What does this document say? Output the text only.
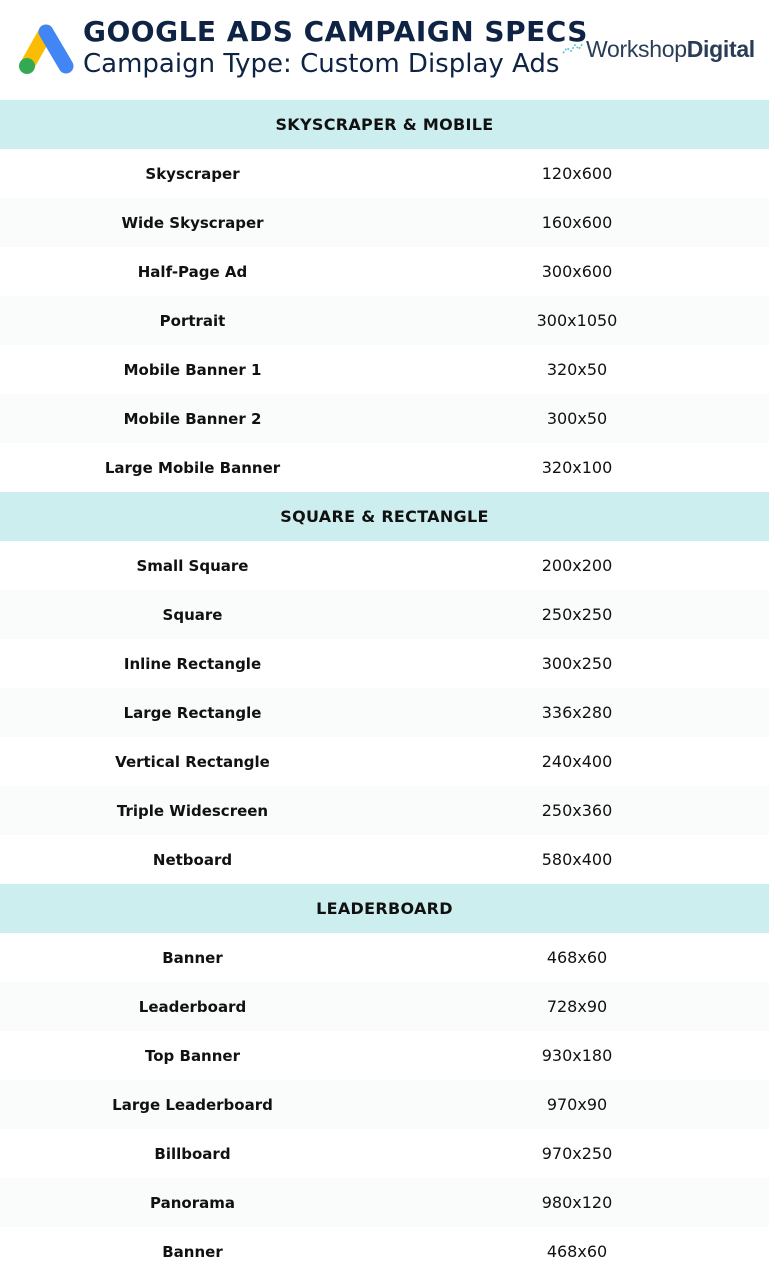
GOOGLE ADS CAMPAIGN SPECS
Campaign Type: Custom Display Ads
Workshop Digital
SKYSCRAPER & MOBILE
Skyscraper	120x600
Wide Skyscraper	160x600
Half-Page Ad	300x600
Portrait	300x1050
Mobile Banner 1	320x50
Mobile Banner 2	300x50
Large Mobile Banner	320x100
SQUARE & RECTANGLE
Small Square	200x200
Square	250x250
Inline Rectangle	300x250
Large Rectangle	336x280
Vertical Rectangle	240x400
Triple Widescreen	250x360
Netboard	580x400
LEADERBOARD
Banner	468x60
Leaderboard	728x90
Top Banner	930x180
Large Leaderboard	970x90
Billboard	970x250
Panorama	980x120
Banner	468x60
